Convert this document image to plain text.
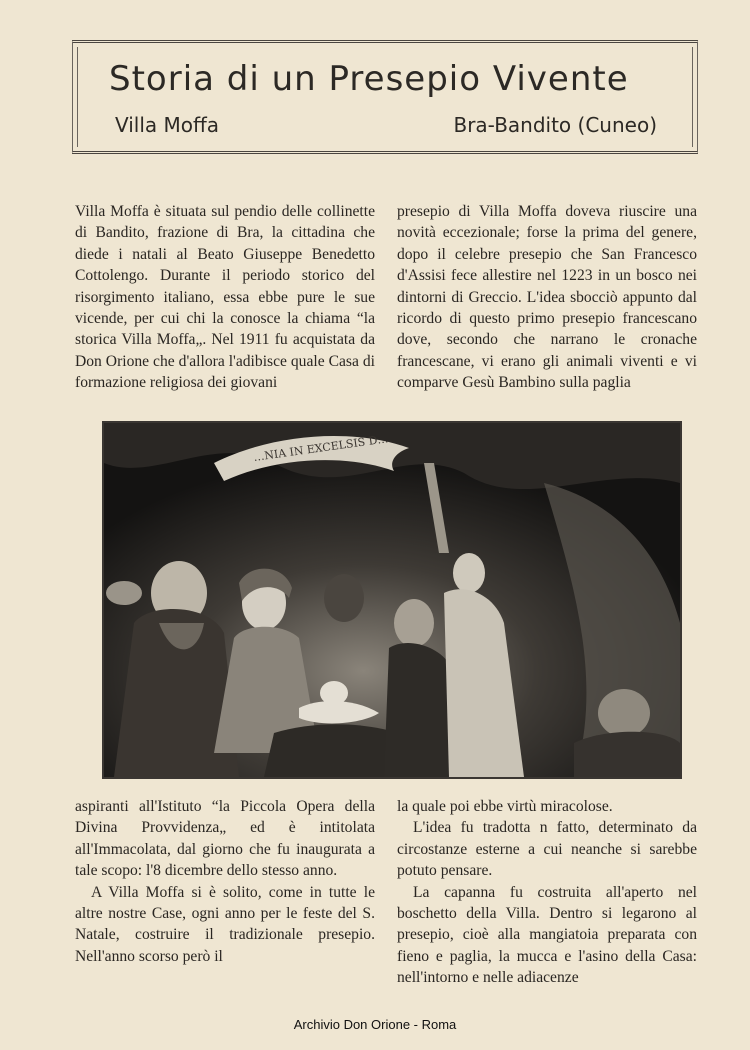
Storia di un Presepio Vivente
Villa Moffa	Bra-Bandito (Cuneo)

Villa Moffa è situata sul pendio delle collinette di Bandito, frazione di Bra, la cittadina che diede i natali al Beato Giuseppe Benedetto Cottolengo. Durante il periodo storico del risorgimento italiano, essa ebbe pure le sue vicende, per cui chi la conosce la chiama “la storica Villa Moffa„. Nel 1911 fu acquistata da Don Orione che d'allora l'adibisce quale Casa di formazione religiosa dei giovani

presepio di Villa Moffa doveva riuscire una novità eccezionale; forse la prima del genere, dopo il celebre presepio che San Francesco d'Assisi fece allestire nel 1223 in un bosco nei dintorni di Greccio. L'idea sbocciò appunto dal ricordo di questo primo presepio francescano dove, secondo che narrano le cronache francescane, vi erano gli animali viventi e vi comparve Gesù Bambino sulla paglia

…NIA IN EXCELSIS D…

aspiranti all'Istituto “la Piccola Opera della Divina Provvidenza„ ed è intitolata all'Immacolata, dal giorno che fu inaugurata a tale scopo: l'8 dicembre dello stesso anno.

A Villa Moffa si è solito, come in tutte le altre nostre Case, ogni anno per le feste del S. Natale, costruire il tradizionale presepio. Nell'anno scorso però il

la quale poi ebbe virtù miracolose.

L'idea fu tradotta n fatto, determinato da circostanze esterne a cui neanche si sarebbe potuto pensare.

La capanna fu costruita all'aperto nel boschetto della Villa. Dentro si legarono al presepio, cioè alla mangiatoia preparata con fieno e paglia, la mucca e l'asino della Casa: nell'intorno e nelle adiacenze

Archivio Don Orione - Roma
